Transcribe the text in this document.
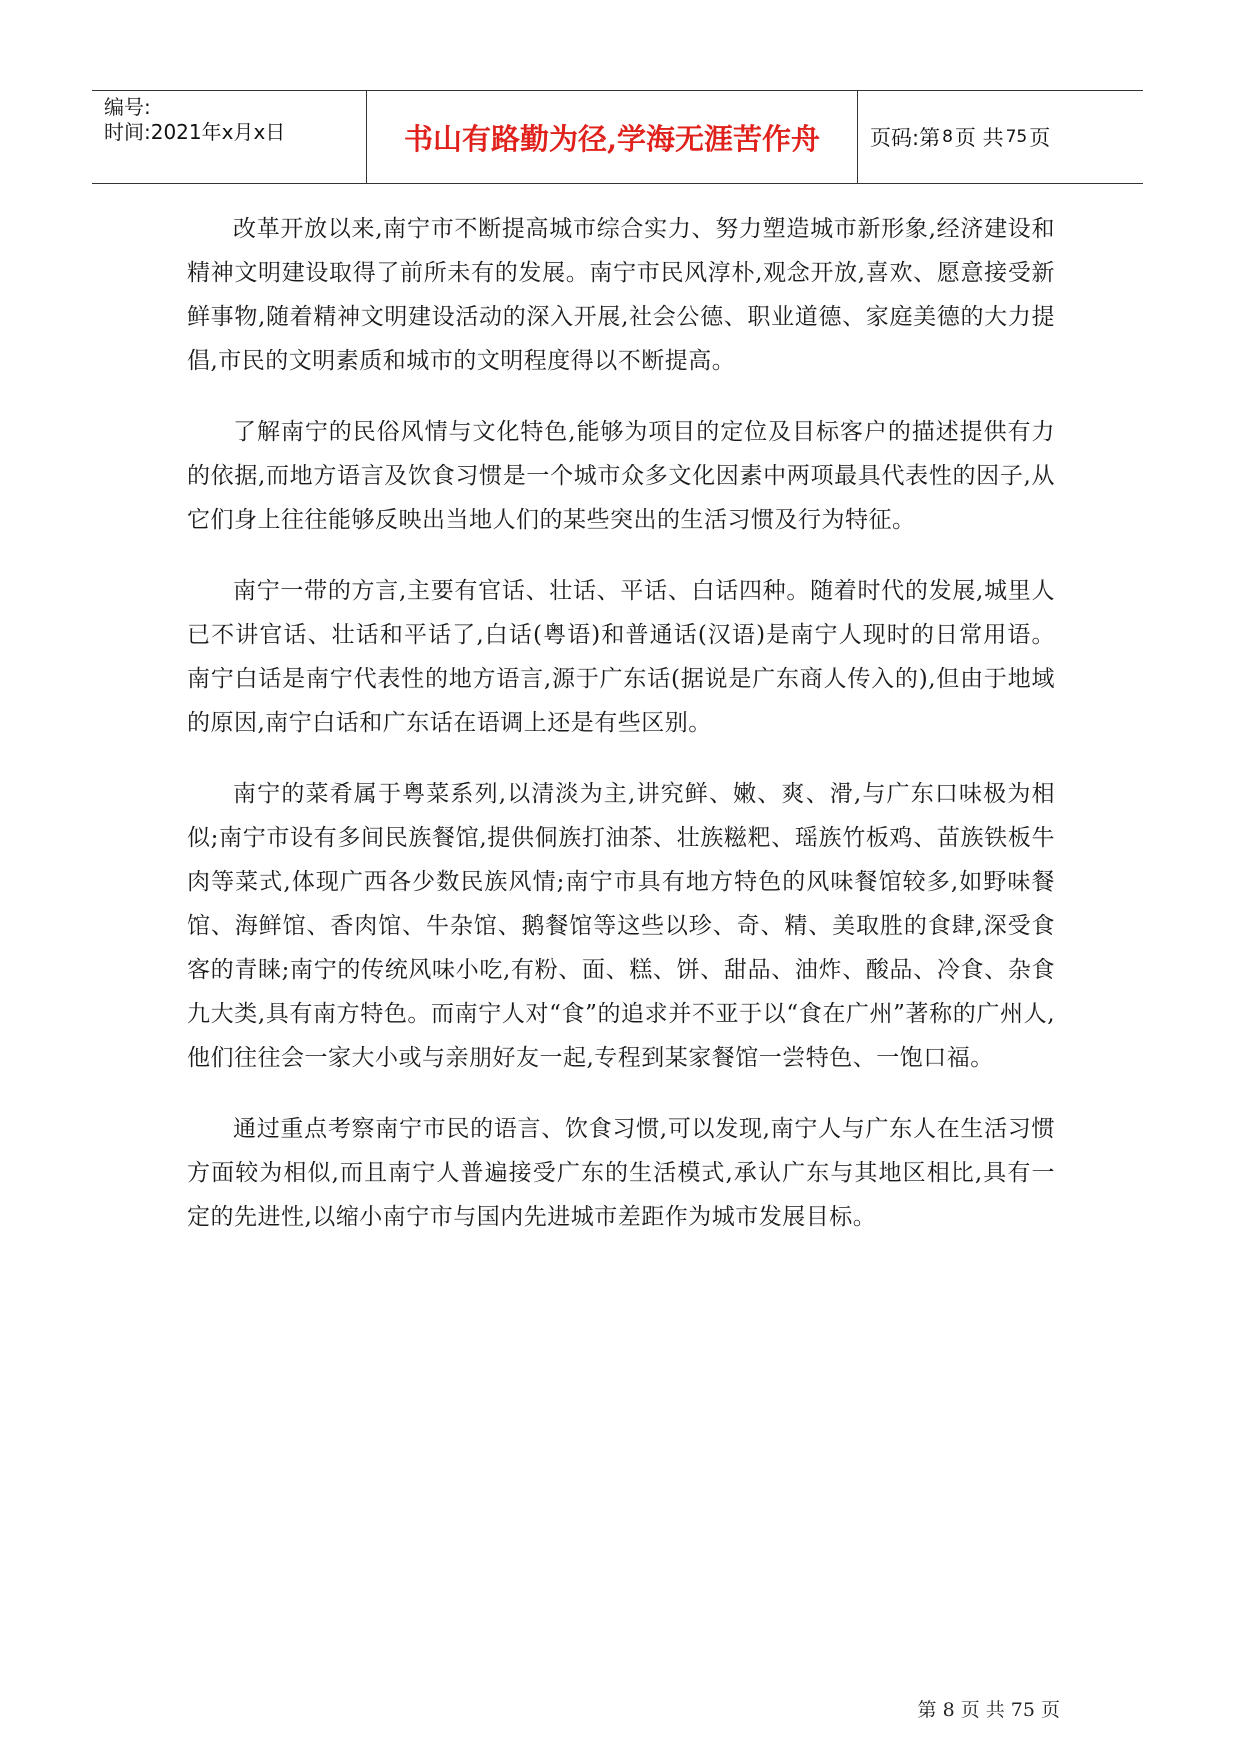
编号:
时间:2021年x月x日	书山有路勤为径,学海无涯苦作舟	页码:第 8 页 共 75 页

改革开放以来,南宁市不断提高城市综合实力、努力塑造城市新形象,经济建设和精神文明建设取得了前所未有的发展。南宁市民风淳朴,观念开放,喜欢、愿意接受新鲜事物,随着精神文明建设活动的深入开展,社会公德、职业道德、家庭美德的大力提倡,市民的文明素质和城市的文明程度得以不断提高。

了解南宁的民俗风情与文化特色,能够为项目的定位及目标客户的描述提供有力的依据,而地方语言及饮食习惯是一个城市众多文化因素中两项最具代表性的因子,从它们身上往往能够反映出当地人们的某些突出的生活习惯及行为特征。

南宁一带的方言,主要有官话、壮话、平话、白话四种。随着时代的发展,城里人已不讲官话、壮话和平话了,白话(粤语)和普通话(汉语)是南宁人现时的日常用语。南宁白话是南宁代表性的地方语言,源于广东话(据说是广东商人传入的),但由于地域的原因,南宁白话和广东话在语调上还是有些区别。

南宁的菜肴属于粤菜系列,以清淡为主,讲究鲜、嫩、爽、滑,与广东口味极为相似;南宁市设有多间民族餐馆,提供侗族打油茶、壮族糍粑、瑶族竹板鸡、苗族铁板牛肉等菜式,体现广西各少数民族风情;南宁市具有地方特色的风味餐馆较多,如野味餐馆、海鲜馆、香肉馆、牛杂馆、鹅餐馆等这些以珍、奇、精、美取胜的食肆,深受食客的青睐;南宁的传统风味小吃,有粉、面、糕、饼、甜品、油炸、酸品、冷食、杂食九大类,具有南方特色。而南宁人对“食”的追求并不亚于以“食在广州”著称的广州人,他们往往会一家大小或与亲朋好友一起,专程到某家餐馆一尝特色、一饱口福。

通过重点考察南宁市民的语言、饮食习惯,可以发现,南宁人与广东人在生活习惯方面较为相似,而且南宁人普遍接受广东的生活模式,承认广东与其地区相比,具有一定的先进性,以缩小南宁市与国内先进城市差距作为城市发展目标。

第 8 页 共 75 页
